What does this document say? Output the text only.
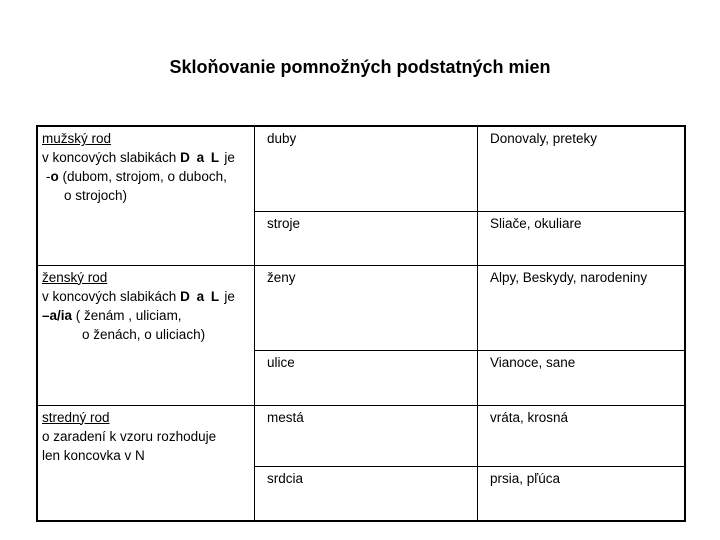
Skloňovanie pomnožných podstatných mien
mužský rod
v koncových slabikách D a L je
-o (dubom, strojom, o duboch,
o strojoch)	duby	Donovaly, preteky
	stroje	Sliače, okuliare

ženský rod
v koncových slabikách D a L je
–a/ia ( ženám , uliciam,
o ženách, o uliciach)	ženy	Alpy, Beskydy, narodeniny
	ulice	Vianoce, sane

stredný rod
o zaradení k vzoru rozhoduje
len koncovka v N	mestá	vráta, krosná
	srdcia	prsia, pľúca
